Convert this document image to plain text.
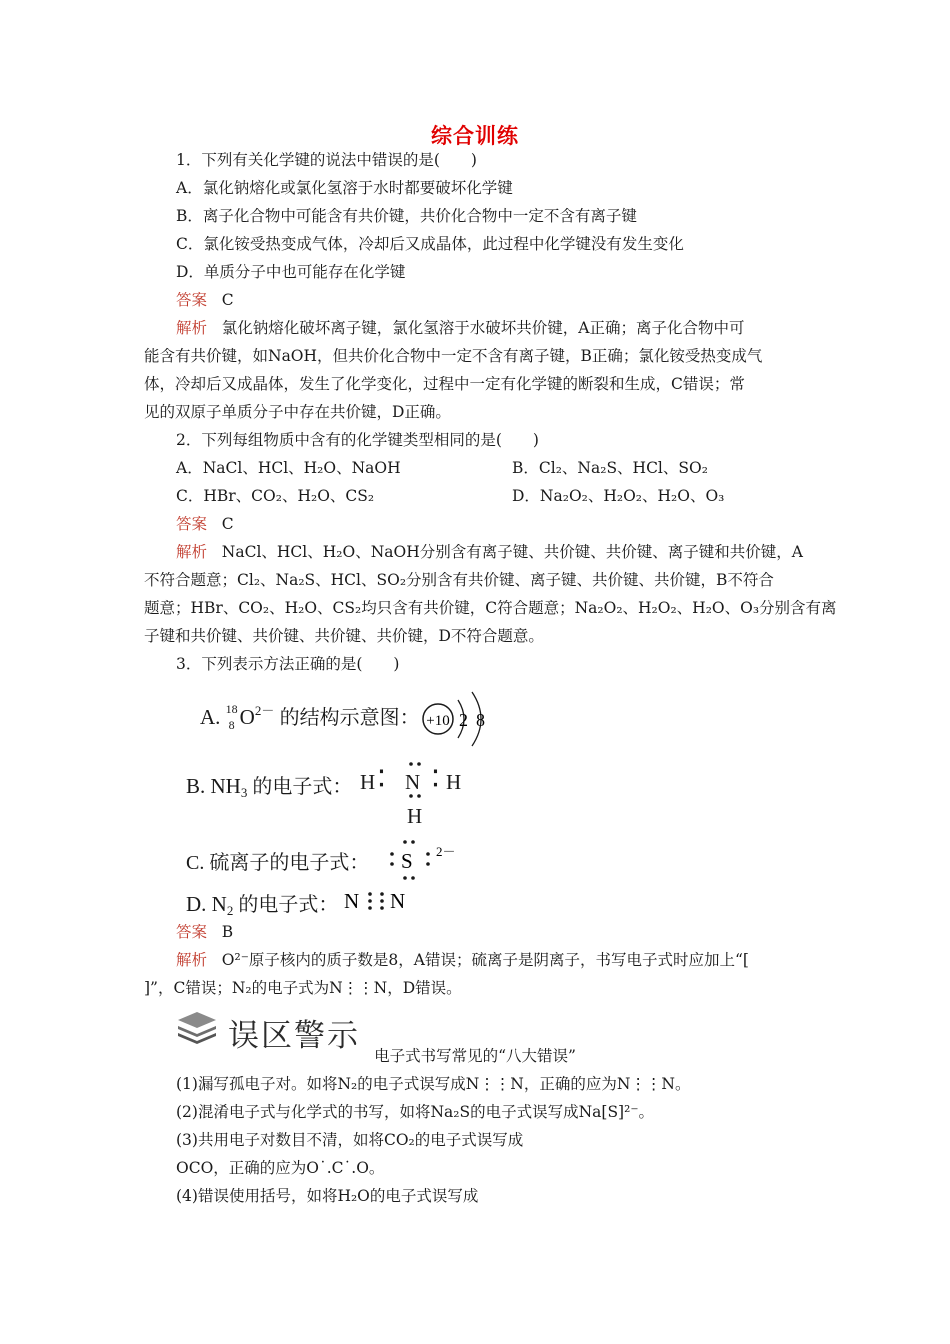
综合训练
1．下列有关化学键的说法中错误的是(　　)
A．氯化钠熔化或氯化氢溶于水时都要破坏化学键
B．离子化合物中可能含有共价键，共价化合物中一定不含有离子键
C．氯化铵受热变成气体，冷却后又成晶体，此过程中化学键没有发生变化
D．单质分子中也可能存在化学键
答案 C
解析 氯化钠熔化破坏离子键，氯化氢溶于水破坏共价键，A正确；离子化合物中可
能含有共价键，如NaOH，但共价化合物中一定不含有离子键，B正确；氯化铵受热变成气
体，冷却后又成晶体，发生了化学变化，过程中一定有化学键的断裂和生成，C错误；常
见的双原子单质分子中存在共价键，D正确。
2．下列每组物质中含有的化学键类型相同的是(　　)
A．NaCl、HCl、H₂O、NaOH	B．Cl₂、Na₂S、HCl、SO₂
C．HBr、CO₂、H₂O、CS₂	D．Na₂O₂、H₂O₂、H₂O、O₃
答案 C
解析 NaCl、HCl、H₂O、NaOH分别含有离子键、共价键、共价键、离子键和共价键，A
不符合题意；Cl₂、Na₂S、HCl、SO₂分别含有共价键、离子键、共价键、共价键，B不符合
题意；HBr、CO₂、H₂O、CS₂均只含有共价键，C符合题意；Na₂O₂、H₂O₂、H₂O、O₃分别含有离
子键和共价键、共价键、共价键、共价键，D不符合题意。
3．下列表示方法正确的是(　　)
A. 18
8 $O^{2-}$ 的结构示意图： +10 2 8
B. $NH_3$ 的电子式： H ⁚ N ⁚ H
H
C. 硫离子的电子式： S 2－
D. $N_2$ 的电子式： N N
答案 B
解析 O²⁻原子核内的质子数是8，A错误；硫离子是阴离子，书写电子式时应加上“[
]”，C错误；N₂的电子式为N⋮⋮N，D错误。
误区警示
电子式书写常见的“八大错误”
(1)漏写孤电子对。如将N₂的电子式误写成N⋮⋮N，正确的应为N⋮⋮N。
(2)混淆电子式与化学式的书写，如将Na₂S的电子式误写成Na[S]²⁻。
(3)共用电子对数目不清，如将CO₂的电子式误写成
OCO，正确的应为O˙.C˙.O。
(4)错误使用括号，如将H₂O的电子式误写成
